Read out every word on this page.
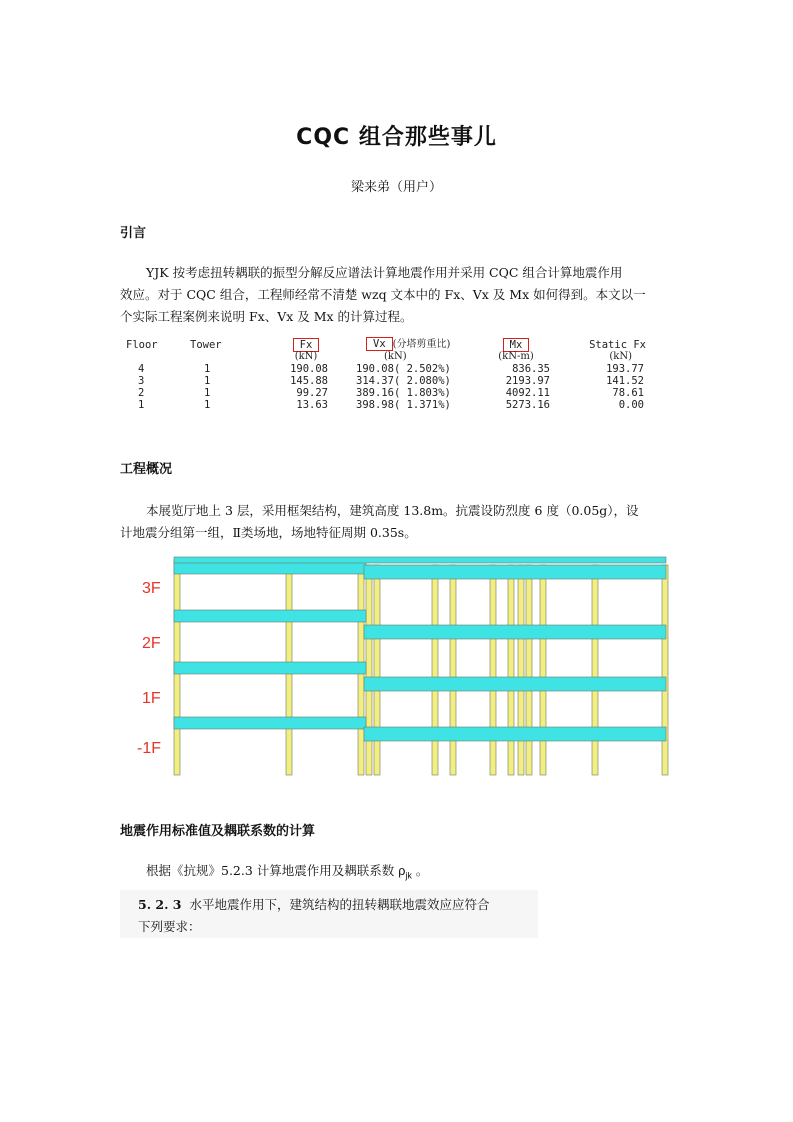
CQC 组合那些事儿
梁来弟（用户）
引言
YJK 按考虑扭转耦联的振型分解反应谱法计算地震作用并采用 CQC 组合计算地震作用
效应。对于 CQC 组合，工程师经常不清楚 wzq 文本中的 Fx、Vx 及 Mx 如何得到。本文以一
个实际工程案例来说明 Fx、Vx 及 Mx 的计算过程。
Floor	Tower	Fx	Vx (分塔剪重比)	Mx	Static Fx
		(kN)	(kN)	(kN-m)	(kN)
4	1	190.08	190.08( 2.502%)	836.35	193.77
3	1	145.88	314.37( 2.080%)	2193.97	141.52
2	1	99.27	389.16( 1.803%)	4092.11	78.61
1	1	13.63	398.98( 1.371%)	5273.16	0.00
工程概况
本展览厅地上 3 层，采用框架结构，建筑高度 13.8m。抗震设防烈度 6 度（0.05g），设
计地震分组第一组，Ⅱ类场地，场地特征周期 0.35s。
3F
2F
1F
-1F
地震作用标准值及耦联系数的计算
根据《抗规》5.2.3 计算地震作用及耦联系数 $\rho_{jk}$ 。
5. 2. 3 水平地震作用下，建筑结构的扭转耦联地震效应应符合
下列要求：
